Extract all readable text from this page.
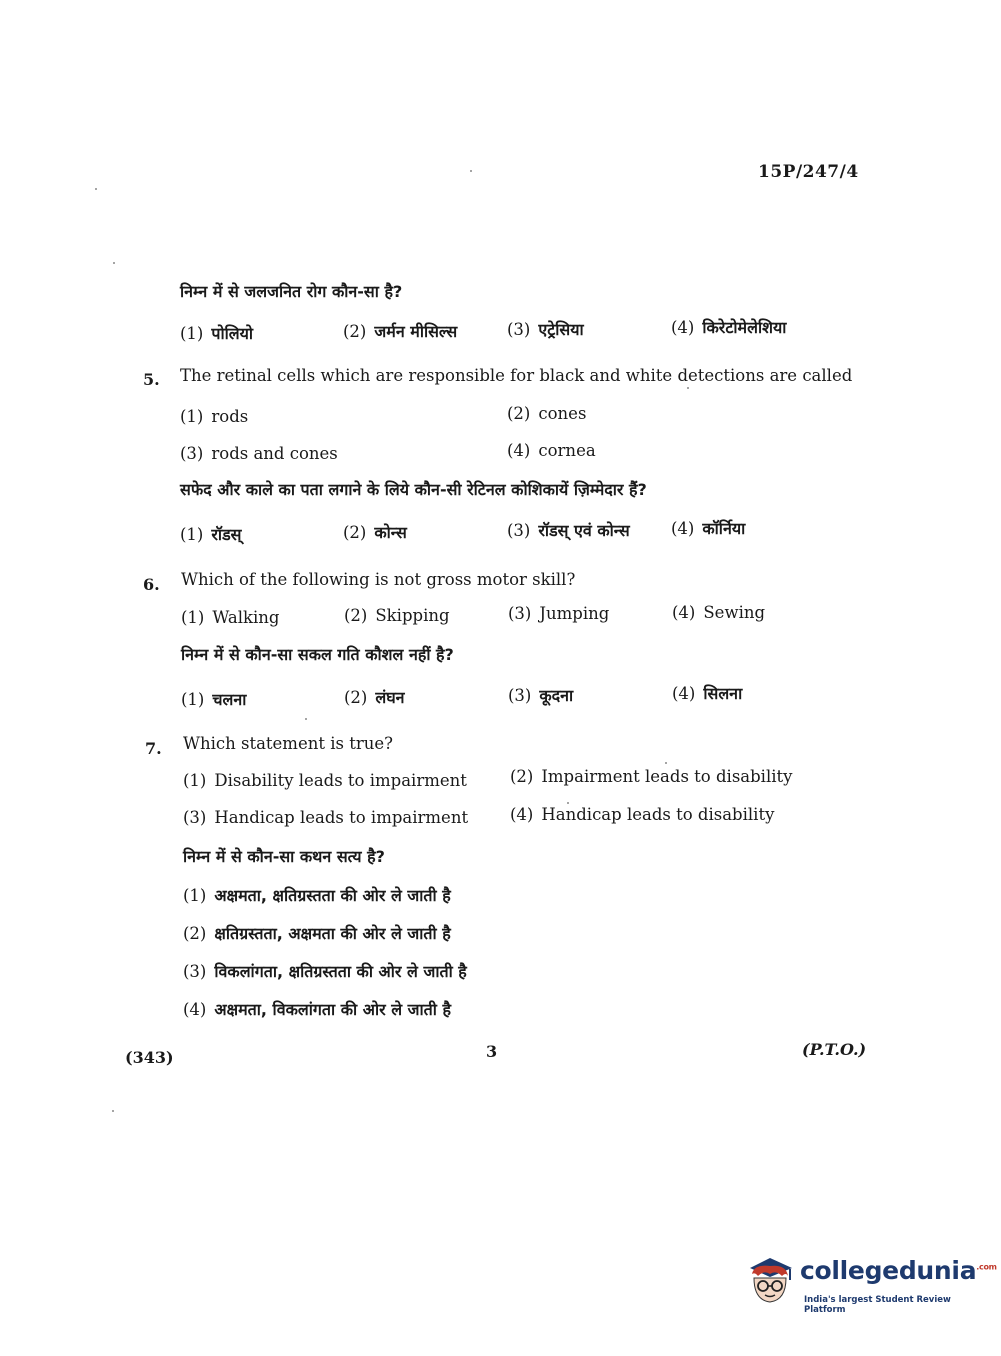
15P/247/4
निम्न में से जलजनित रोग कौन-सा है?
(1) पोलियो	(2) जर्मन मीसिल्स	(3) एट्रेसिया	(4) किरेटोमेलेशिया
5. The retinal cells which are responsible for black and white detections are called
(1) rods	(2) cones
(3) rods and cones	(4) cornea
सफेद और काले का पता लगाने के लिये कौन-सी रेटिनल कोशिकायें ज़िम्मेदार हैं?
(1) रॉडस्	(2) कोन्स	(3) रॉडस् एवं कोन्स	(4) कॉर्निया
6. Which of the following is not gross motor skill?
(1) Walking	(2) Skipping	(3) Jumping	(4) Sewing
निम्न में से कौन-सा सकल गति कौशल नहीं है?
(1) चलना	(2) लंघन	(3) कूदना	(4) सिलना
7. Which statement is true?
(1) Disability leads to impairment	(2) Impairment leads to disability
(3) Handicap leads to impairment	(4) Handicap leads to disability
निम्न में से कौन-सा कथन सत्य है?
(1) अक्षमता, क्षतिग्रस्तता की ओर ले जाती है
(2) क्षतिग्रस्तता, अक्षमता की ओर ले जाती है
(3) विकलांगता, क्षतिग्रस्तता की ओर ले जाती है
(4) अक्षमता, विकलांगता की ओर ले जाती है
(343)	3	(P.T.O.)
collegedunia$^{.com}$
India's largest Student Review Platform
